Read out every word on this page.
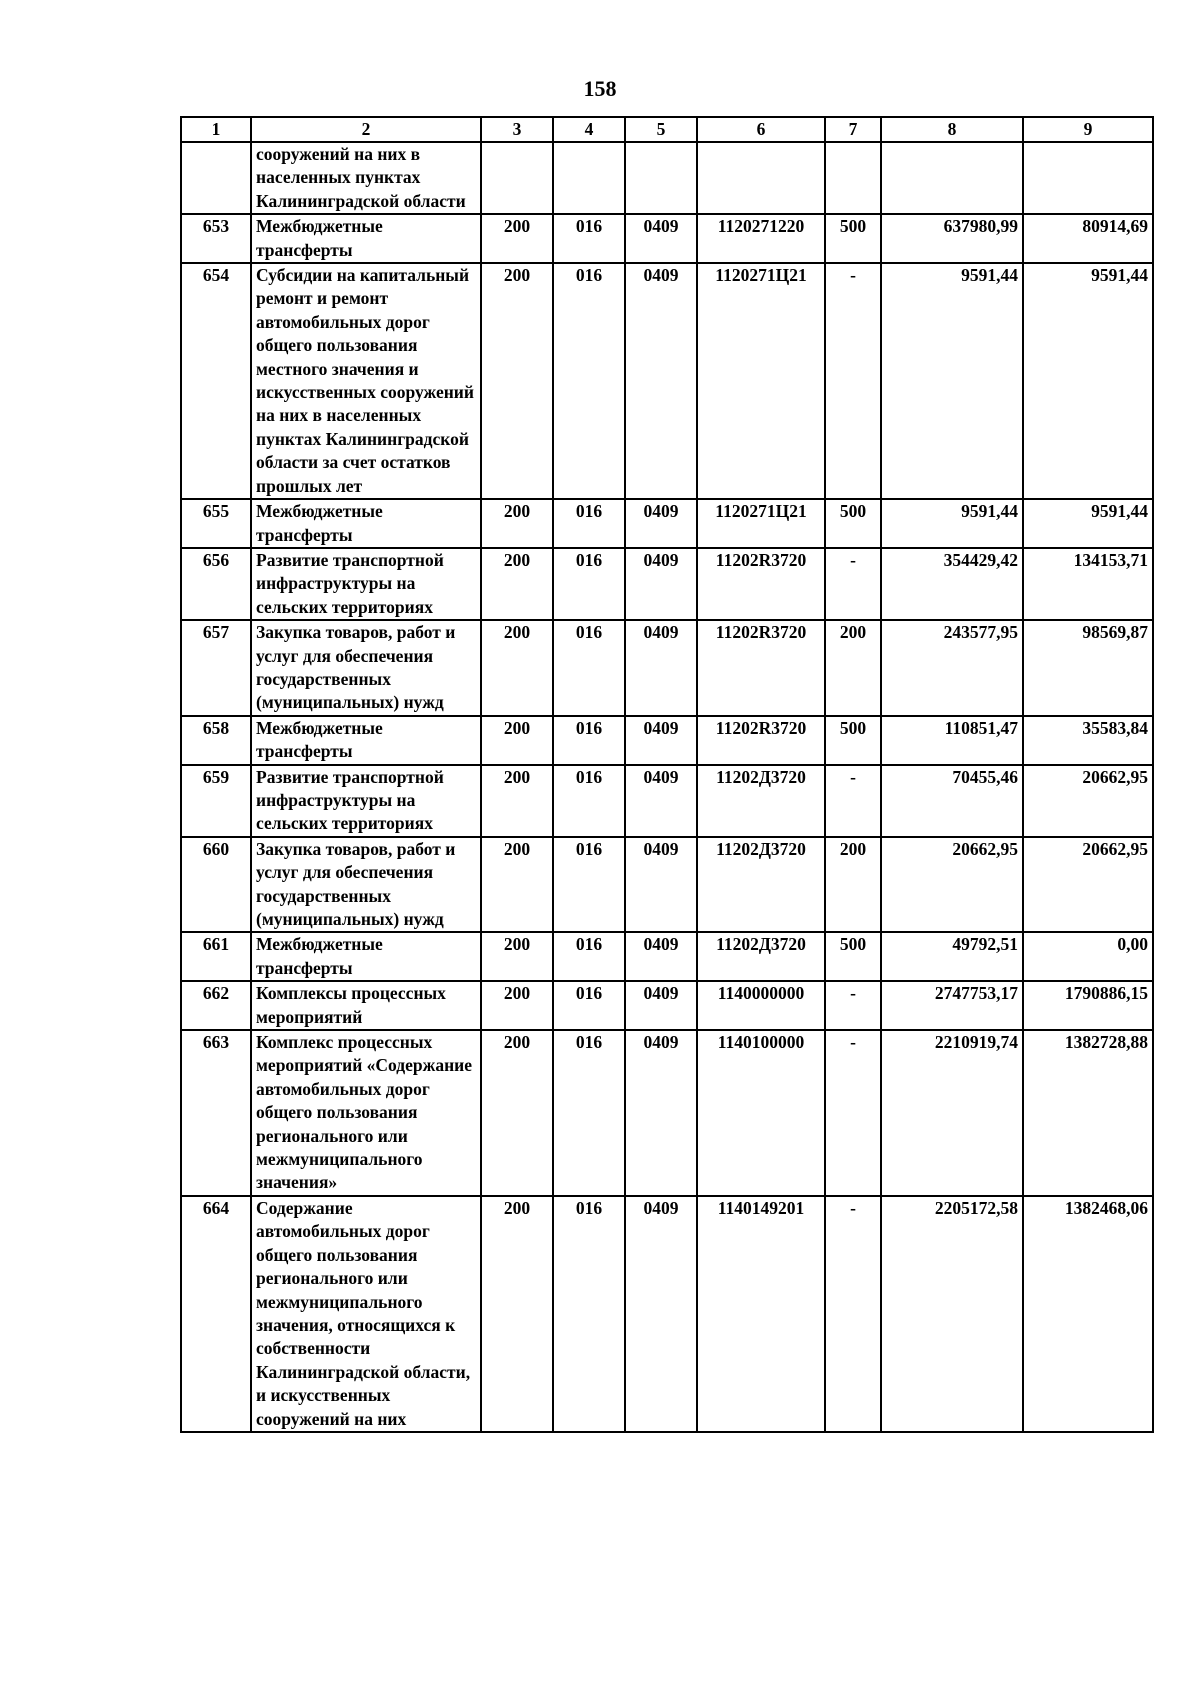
158
1	2	3	4	5	6	7	8	9
	сооружений на них в населенных пунктах Калининградской области							
653	Межбюджетные трансферты	200	016	0409	1120271220	500	637980,99	80914,69
654	Субсидии на капитальный ремонт и ремонт автомобильных дорог общего пользования местного значения и искусственных сооружений на них в населенных пунктах Калининградской области за счет остатков прошлых лет	200	016	0409	1120271Ц21	-	9591,44	9591,44
655	Межбюджетные трансферты	200	016	0409	1120271Ц21	500	9591,44	9591,44
656	Развитие транспортной инфраструктуры на сельских территориях	200	016	0409	11202R3720	-	354429,42	134153,71
657	Закупка товаров, работ и услуг для обеспечения государственных (муниципальных) нужд	200	016	0409	11202R3720	200	243577,95	98569,87
658	Межбюджетные трансферты	200	016	0409	11202R3720	500	110851,47	35583,84
659	Развитие транспортной инфраструктуры на сельских территориях	200	016	0409	11202Д3720	-	70455,46	20662,95
660	Закупка товаров, работ и услуг для обеспечения государственных (муниципальных) нужд	200	016	0409	11202Д3720	200	20662,95	20662,95
661	Межбюджетные трансферты	200	016	0409	11202Д3720	500	49792,51	0,00
662	Комплексы процессных мероприятий	200	016	0409	1140000000	-	2747753,17	1790886,15
663	Комплекс процессных мероприятий «Содержание автомобильных дорог общего пользования регионального или межмуниципального значения»	200	016	0409	1140100000	-	2210919,74	1382728,88
664	Содержание автомобильных дорог общего пользования регионального или межмуниципального значения, относящихся к собственности Калининградской области, и искусственных сооружений на них	200	016	0409	1140149201	-	2205172,58	1382468,06
